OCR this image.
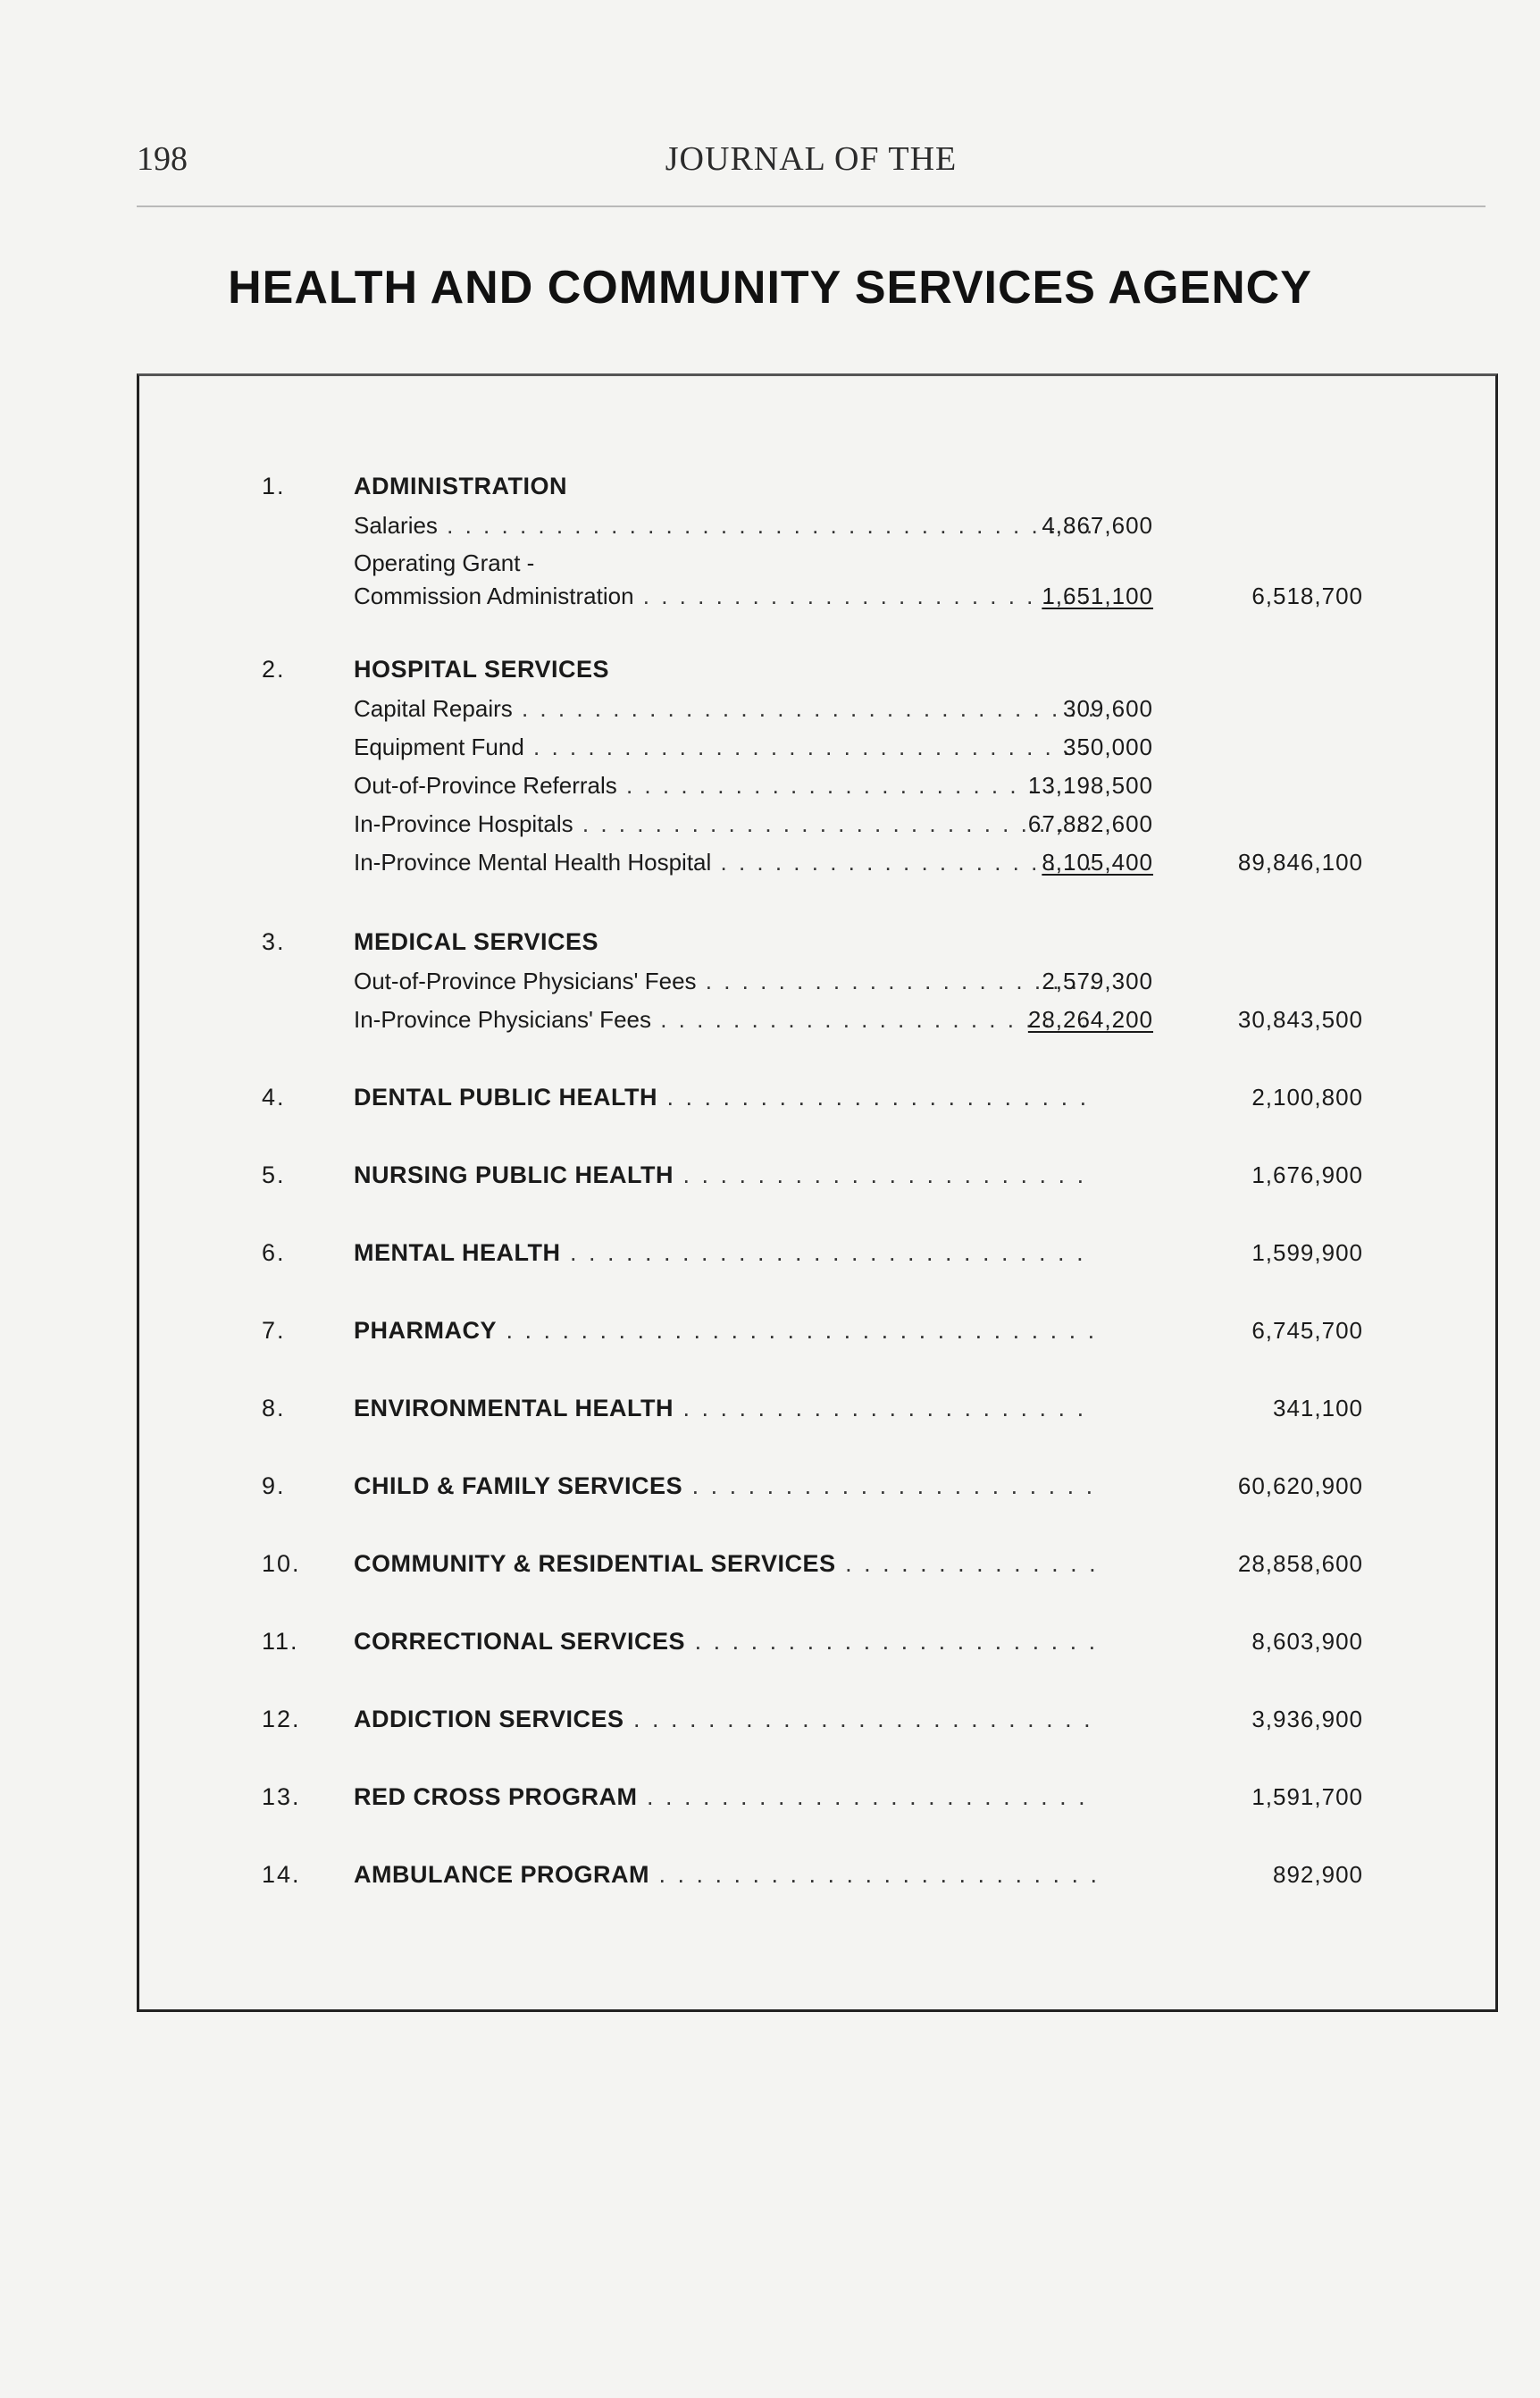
198	JOURNAL OF THE
HEALTH AND COMMUNITY SERVICES AGENCY
1.	ADMINISTRATION
Salaries . . .	4,867,600
Operating Grant -
Commission Administration . . .	1,651,100	6,518,700
2.	HOSPITAL SERVICES
Capital Repairs . . .	309,600
Equipment Fund . . .	350,000
Out-of-Province Referrals . . .	13,198,500
In-Province Hospitals . . .	67,882,600
In-Province Mental Health Hospital . . .	8,105,400	89,846,100
3.	MEDICAL SERVICES
Out-of-Province Physicians' Fees . . .	2,579,300
In-Province Physicians' Fees . . .	28,264,200	30,843,500
4.	DENTAL PUBLIC HEALTH . . .	2,100,800
5.	NURSING PUBLIC HEALTH . . .	1,676,900
6.	MENTAL HEALTH . . .	1,599,900
7.	PHARMACY . . .	6,745,700
8.	ENVIRONMENTAL HEALTH . . .	341,100
9.	CHILD & FAMILY SERVICES . . .	60,620,900
10. COMMUNITY & RESIDENTIAL SERVICES . . .	28,858,600
11. CORRECTIONAL SERVICES . . .	8,603,900
12. ADDICTION SERVICES . . .	3,936,900
13. RED CROSS PROGRAM . . .	1,591,700
14. AMBULANCE PROGRAM . . .	892,900
